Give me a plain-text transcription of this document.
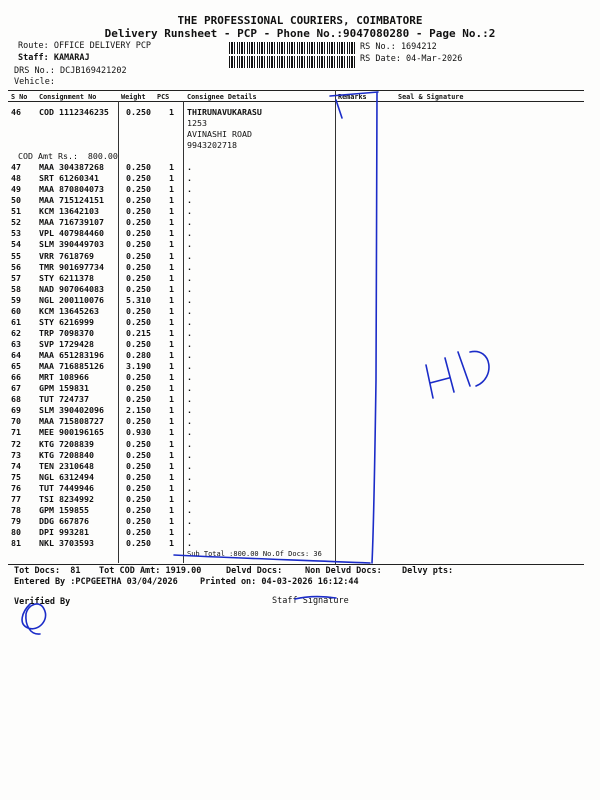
THE PROFESSIONAL COURIERS, COIMBATORE
Delivery Runsheet - PCP - Phone No.:9047080280 - Page No.:2
Route: OFFICE DELIVERY PCP
Staff: KAMARAJ
DRS No.: DCJB169421202
Vehicle:
RS No.: 1694212
RS Date: 04-Mar-2026
S No Consignment No	Weight PCS	Consignee Details	Remarks	Seal & Signature
46 COD 1112346235 0.250 1 THIRUNAVUKARASU
1253
AVINASHI ROAD
9943202718
COD Amt Rs.:  800.00
47 MAA 304387268	0.250 1 .
48 SRT 61260341	0.250 1 .
49 MAA 870804073	0.250 1 .
50 MAA 715124151	0.250 1 .
51 KCM 13642103	0.250 1 .
52 MAA 716739107	0.250 1 .
53 VPL 407984460	0.250 1 .
54 SLM 390449703	0.250 1 .
55 VRR 7618769	0.250 1 .
56 TMR 901697734	0.250 1 .
57 STY 6211378	0.250 1 .
58 NAD 907064083	0.250 1 .
59 NGL 200110076	5.310 1 .
60 KCM 13645263	0.250 1 .
61 STY 6216999	0.250 1 .
62 TRP 7098370	0.215 1 .
63 SVP 1729428	0.250 1 .
64 MAA 651283196	0.280 1 .
65 MAA 716885126	3.190 1 .
66 MRT 108966	0.250 1 .
67 GPM 159831	0.250 1 .
68 TUT 724737	0.250 1 .
69 SLM 390402096	2.150 1 .
70 MAA 715808727	0.250 1 .
71 MEE 900196165	0.930 1 .
72 KTG 7208839	0.250 1 .
73 KTG 7208840	0.250 1 .
74 TEN 2310648	0.250 1 .
75 NGL 6312494	0.250 1 .
76 TUT 7449946	0.250 1 .
77 TSI 8234992	0.250 1 .
78 GPM 159855	0.250 1 .
79 DDG 667876	0.250 1 .
80 DPI 993281	0.250 1 .
81 NKL 3703593	0.250 1 .
Sub Total :800.00 No.Of Docs: 36
Tot Docs:  81 Tot COD Amt: 1919.00	Delvd Docs:	Non Delvd Docs: Delvy pts:
Entered By :PCPGEETHA 03/04/2026	Printed on: 04-03-2026 16:12:44
Verified By	Staff Signature
